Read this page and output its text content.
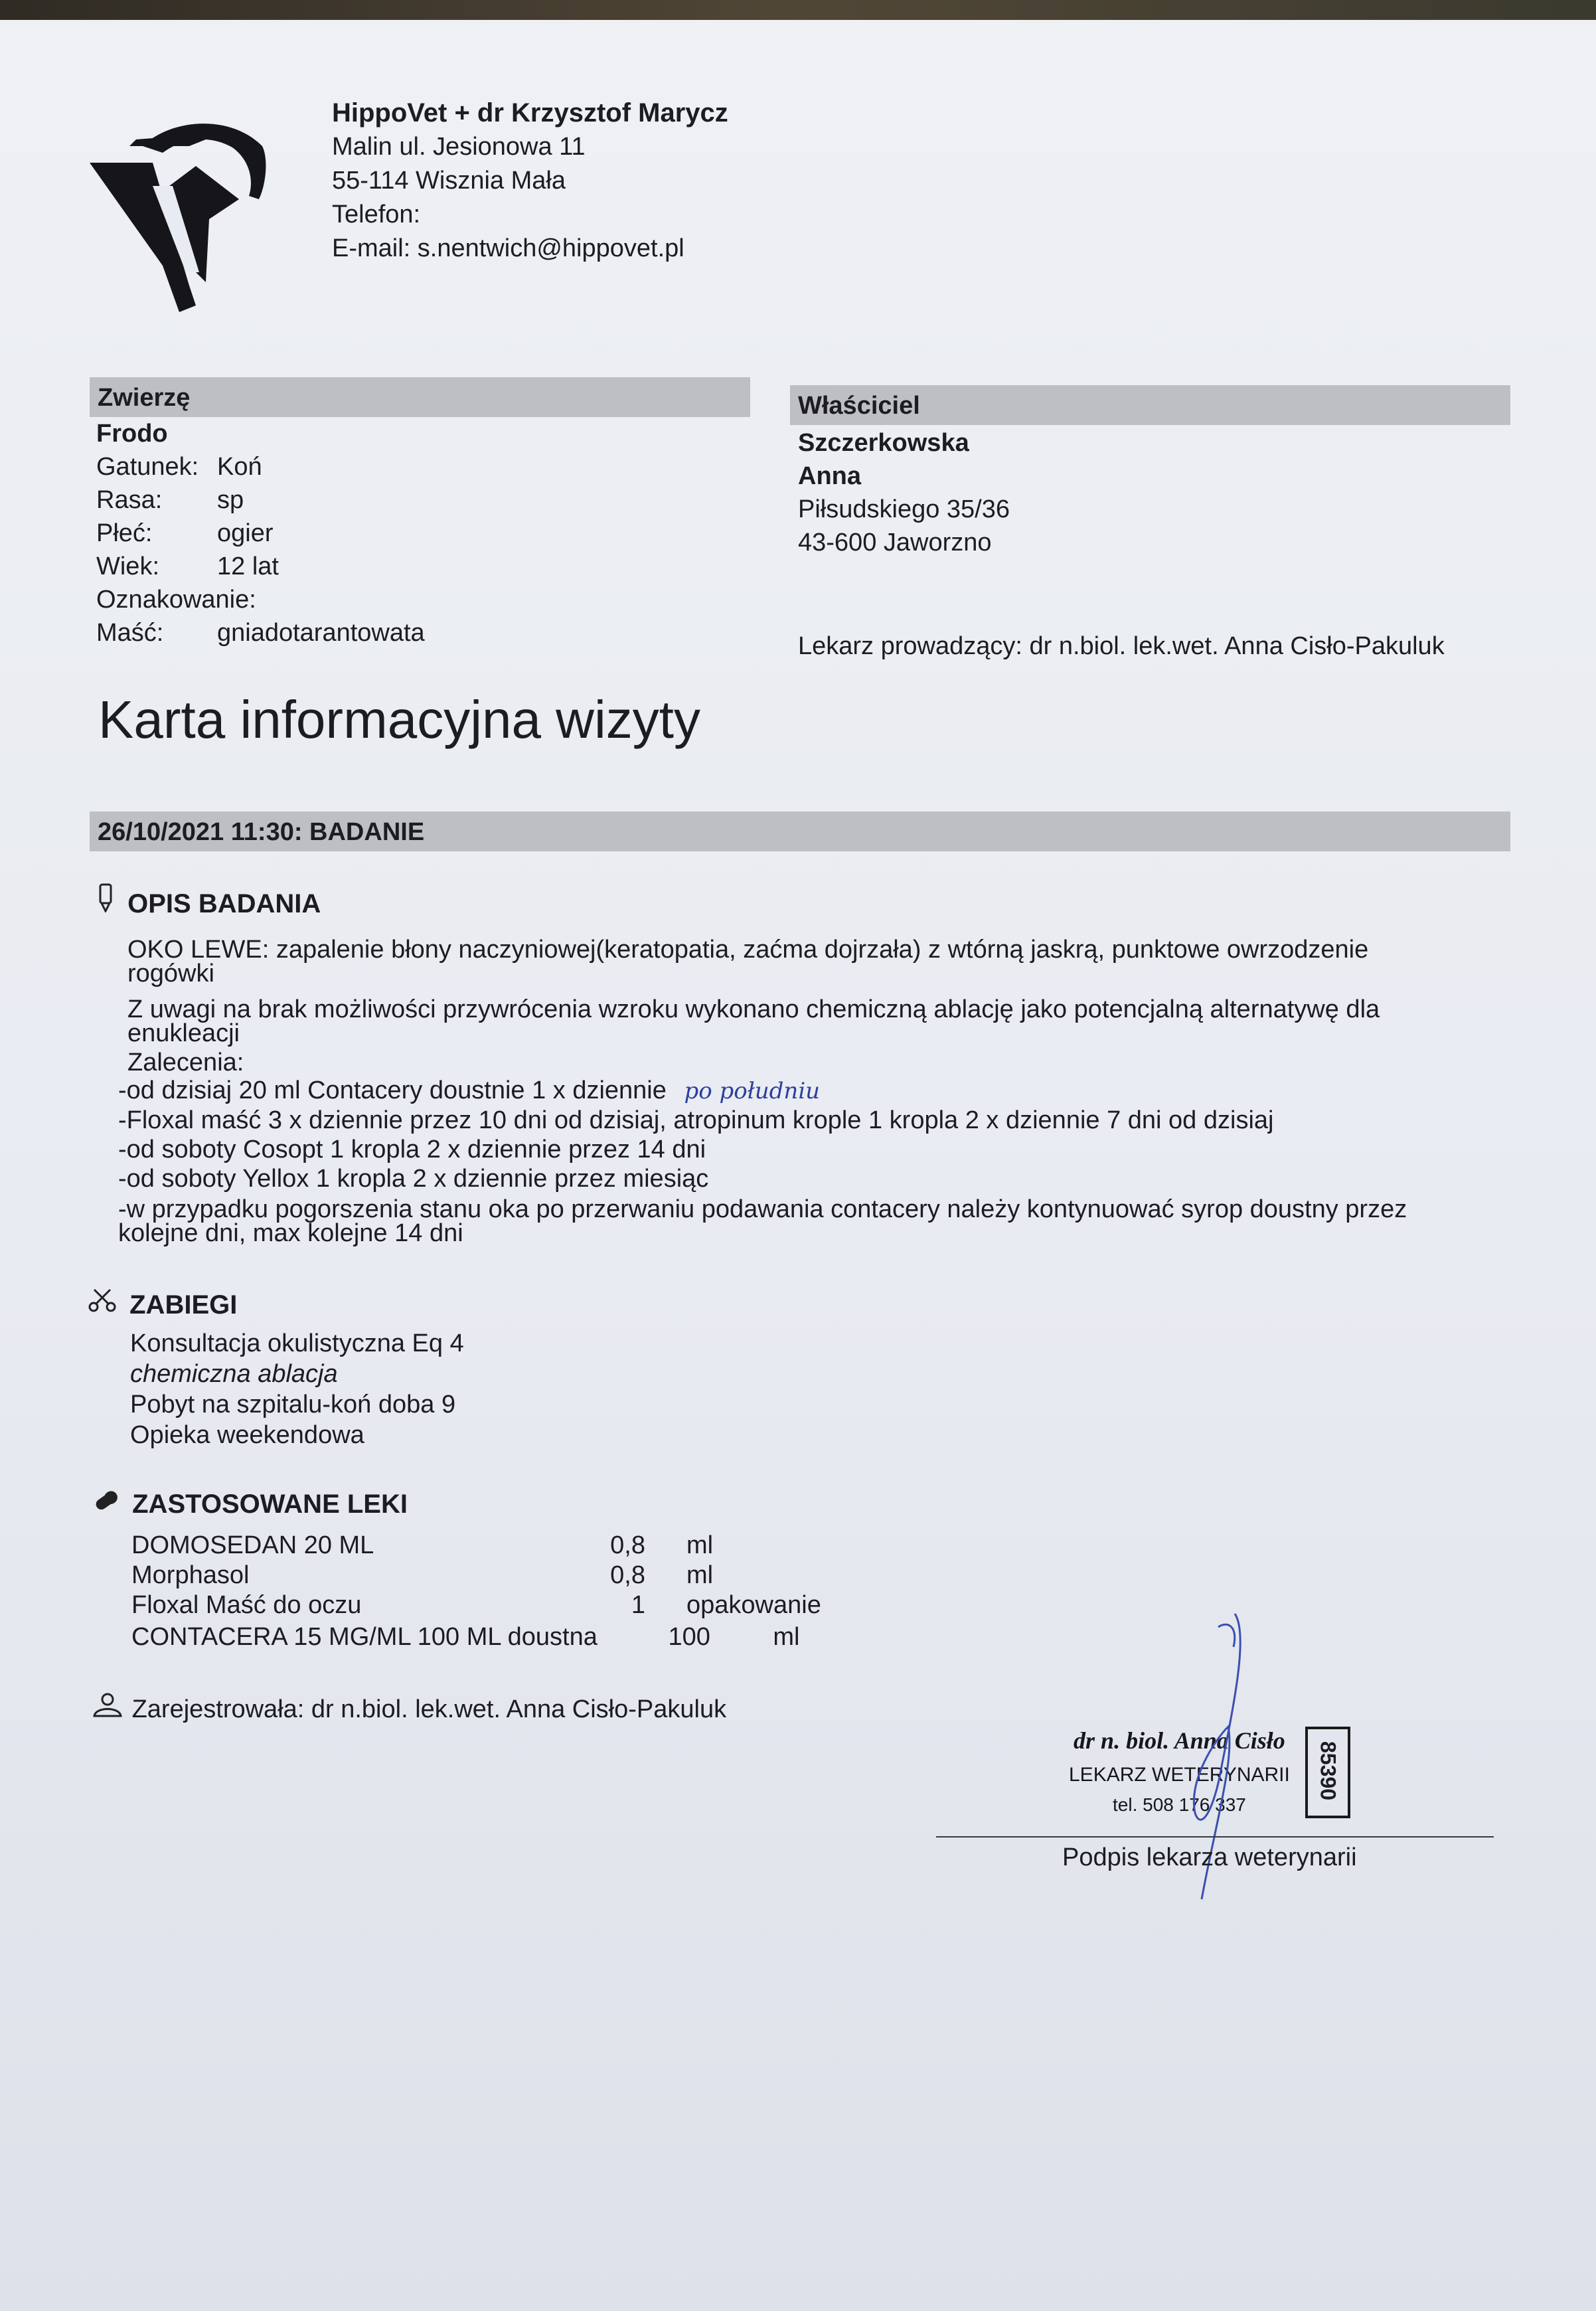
HippoVet + dr Krzysztof Marycz
Malin ul. Jesionowa 11
55-114 Wisznia Mała
Telefon:
E-mail: s.nentwich@hippovet.pl
Zwierzę
Frodo
Gatunek: Koń
Rasa: sp
Płeć:	ogier
Wiek: 12 lat
Oznakowanie:
Maść: gniadotarantowata
Właściciel
Szczerkowska
Anna
Piłsudskiego 35/36
43-600 Jaworzno
Lekarz prowadzący: dr n.biol. lek.wet. Anna Cisło-Pakuluk
Karta informacyjna wizyty
26/10/2021 11:30: BADANIE
OPIS BADANIA
OKO LEWE: zapalenie błony naczyniowej(keratopatia, zaćma dojrzała) z wtórną jaskrą, punktowe owrzodzenie
rogówki
Z uwagi na brak możliwości przywrócenia wzroku wykonano chemiczną ablację jako potencjalną alternatywę dla
enukleacji
Zalecenia:
-od dzisiaj 20 ml Contacery doustnie 1 x dziennie po południu
-Floxal maść 3 x dziennie przez 10 dni od dzisiaj, atropinum krople 1 kropla 2 x dziennie 7 dni od dzisiaj
-od soboty Cosopt 1 kropla 2 x dziennie przez 14 dni
-od soboty Yellox 1 kropla 2 x dziennie przez miesiąc
-w przypadku pogorszenia stanu oka po przerwaniu podawania contacery należy kontynuować syrop doustny przez
kolejne dni, max kolejne 14 dni
ZABIEGI
Konsultacja okulistyczna Eq 4
chemiczna ablacja
Pobyt na szpitalu-koń doba 9
Opieka weekendowa
ZASTOSOWANE LEKI
DOMOSEDAN 20 ML	0,8	ml
Morphasol	0,8	ml
Floxal Maść do oczu	1	opakowanie
CONTACERA 15 MG/ML 100 ML doustna	100 ml
Zarejestrowała: dr n.biol. lek.wet. Anna Cisło-Pakuluk
dr n. biol. Anna Cisło
LEKARZ WETERYNARII
tel. 508 176 337
85390
Podpis lekarza weterynarii
